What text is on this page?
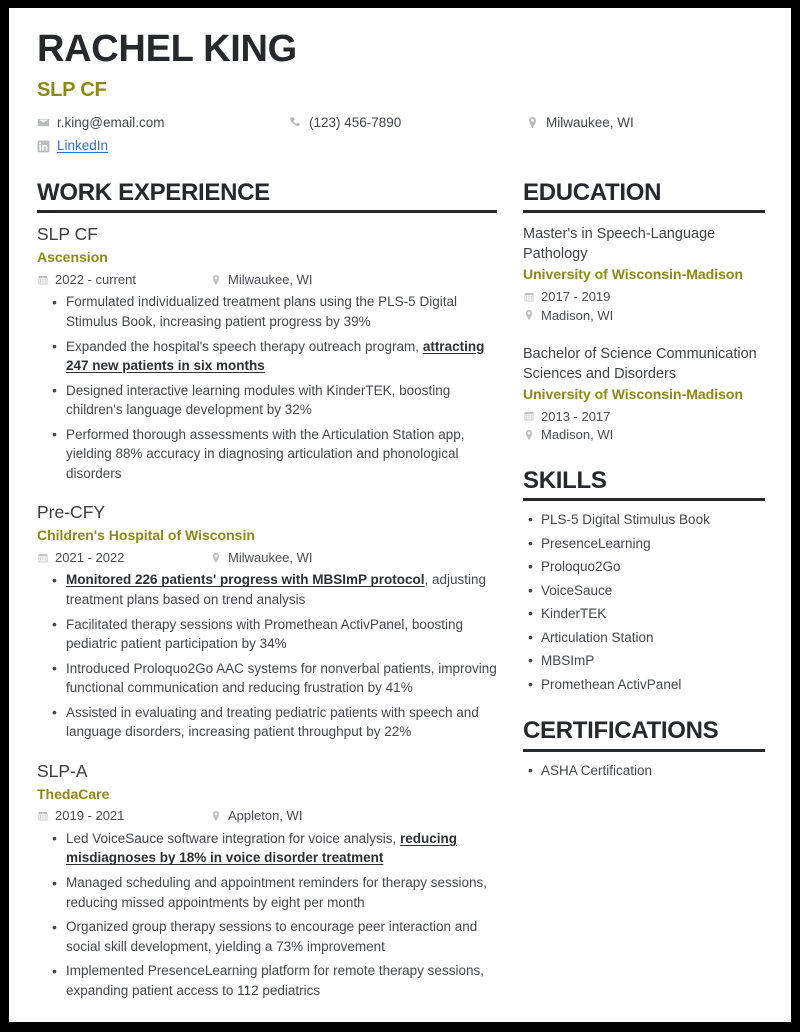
RACHEL KING
SLP CF
r.king@email.com	(123) 456-7890	Milwaukee, WI
LinkedIn
WORK EXPERIENCE
SLP CF
Ascension
2022 - current	Milwaukee, WI
• Formulated individualized treatment plans using the PLS-5 Digital Stimulus Book, increasing patient progress by 39%
• Expanded the hospital's speech therapy outreach program, attracting 247 new patients in six months
• Designed interactive learning modules with KinderTEK, boosting children's language development by 32%
• Performed thorough assessments with the Articulation Station app, yielding 88% accuracy in diagnosing articulation and phonological disorders
Pre-CFY
Children's Hospital of Wisconsin
2021 - 2022	Milwaukee, WI
• Monitored 226 patients' progress with MBSImP protocol, adjusting treatment plans based on trend analysis
• Facilitated therapy sessions with Promethean ActivPanel, boosting pediatric patient participation by 34%
• Introduced Proloquo2Go AAC systems for nonverbal patients, improving functional communication and reducing frustration by 41%
• Assisted in evaluating and treating pediatric patients with speech and language disorders, increasing patient throughput by 22%
SLP-A
ThedaCare
2019 - 2021	Appleton, WI
• Led VoiceSauce software integration for voice analysis, reducing misdiagnoses by 18% in voice disorder treatment
• Managed scheduling and appointment reminders for therapy sessions, reducing missed appointments by eight per month
• Organized group therapy sessions to encourage peer interaction and social skill development, yielding a 73% improvement
• Implemented PresenceLearning platform for remote therapy sessions, expanding patient access to 112 pediatrics
EDUCATION
Master's in Speech-Language Pathology
University of Wisconsin-Madison
2017 - 2019
Madison, WI
Bachelor of Science Communication Sciences and Disorders
University of Wisconsin-Madison
2013 - 2017
Madison, WI
SKILLS
• PLS-5 Digital Stimulus Book
• PresenceLearning
• Proloquo2Go
• VoiceSauce
• KinderTEK
• Articulation Station
• MBSImP
• Promethean ActivPanel
CERTIFICATIONS
• ASHA Certification
